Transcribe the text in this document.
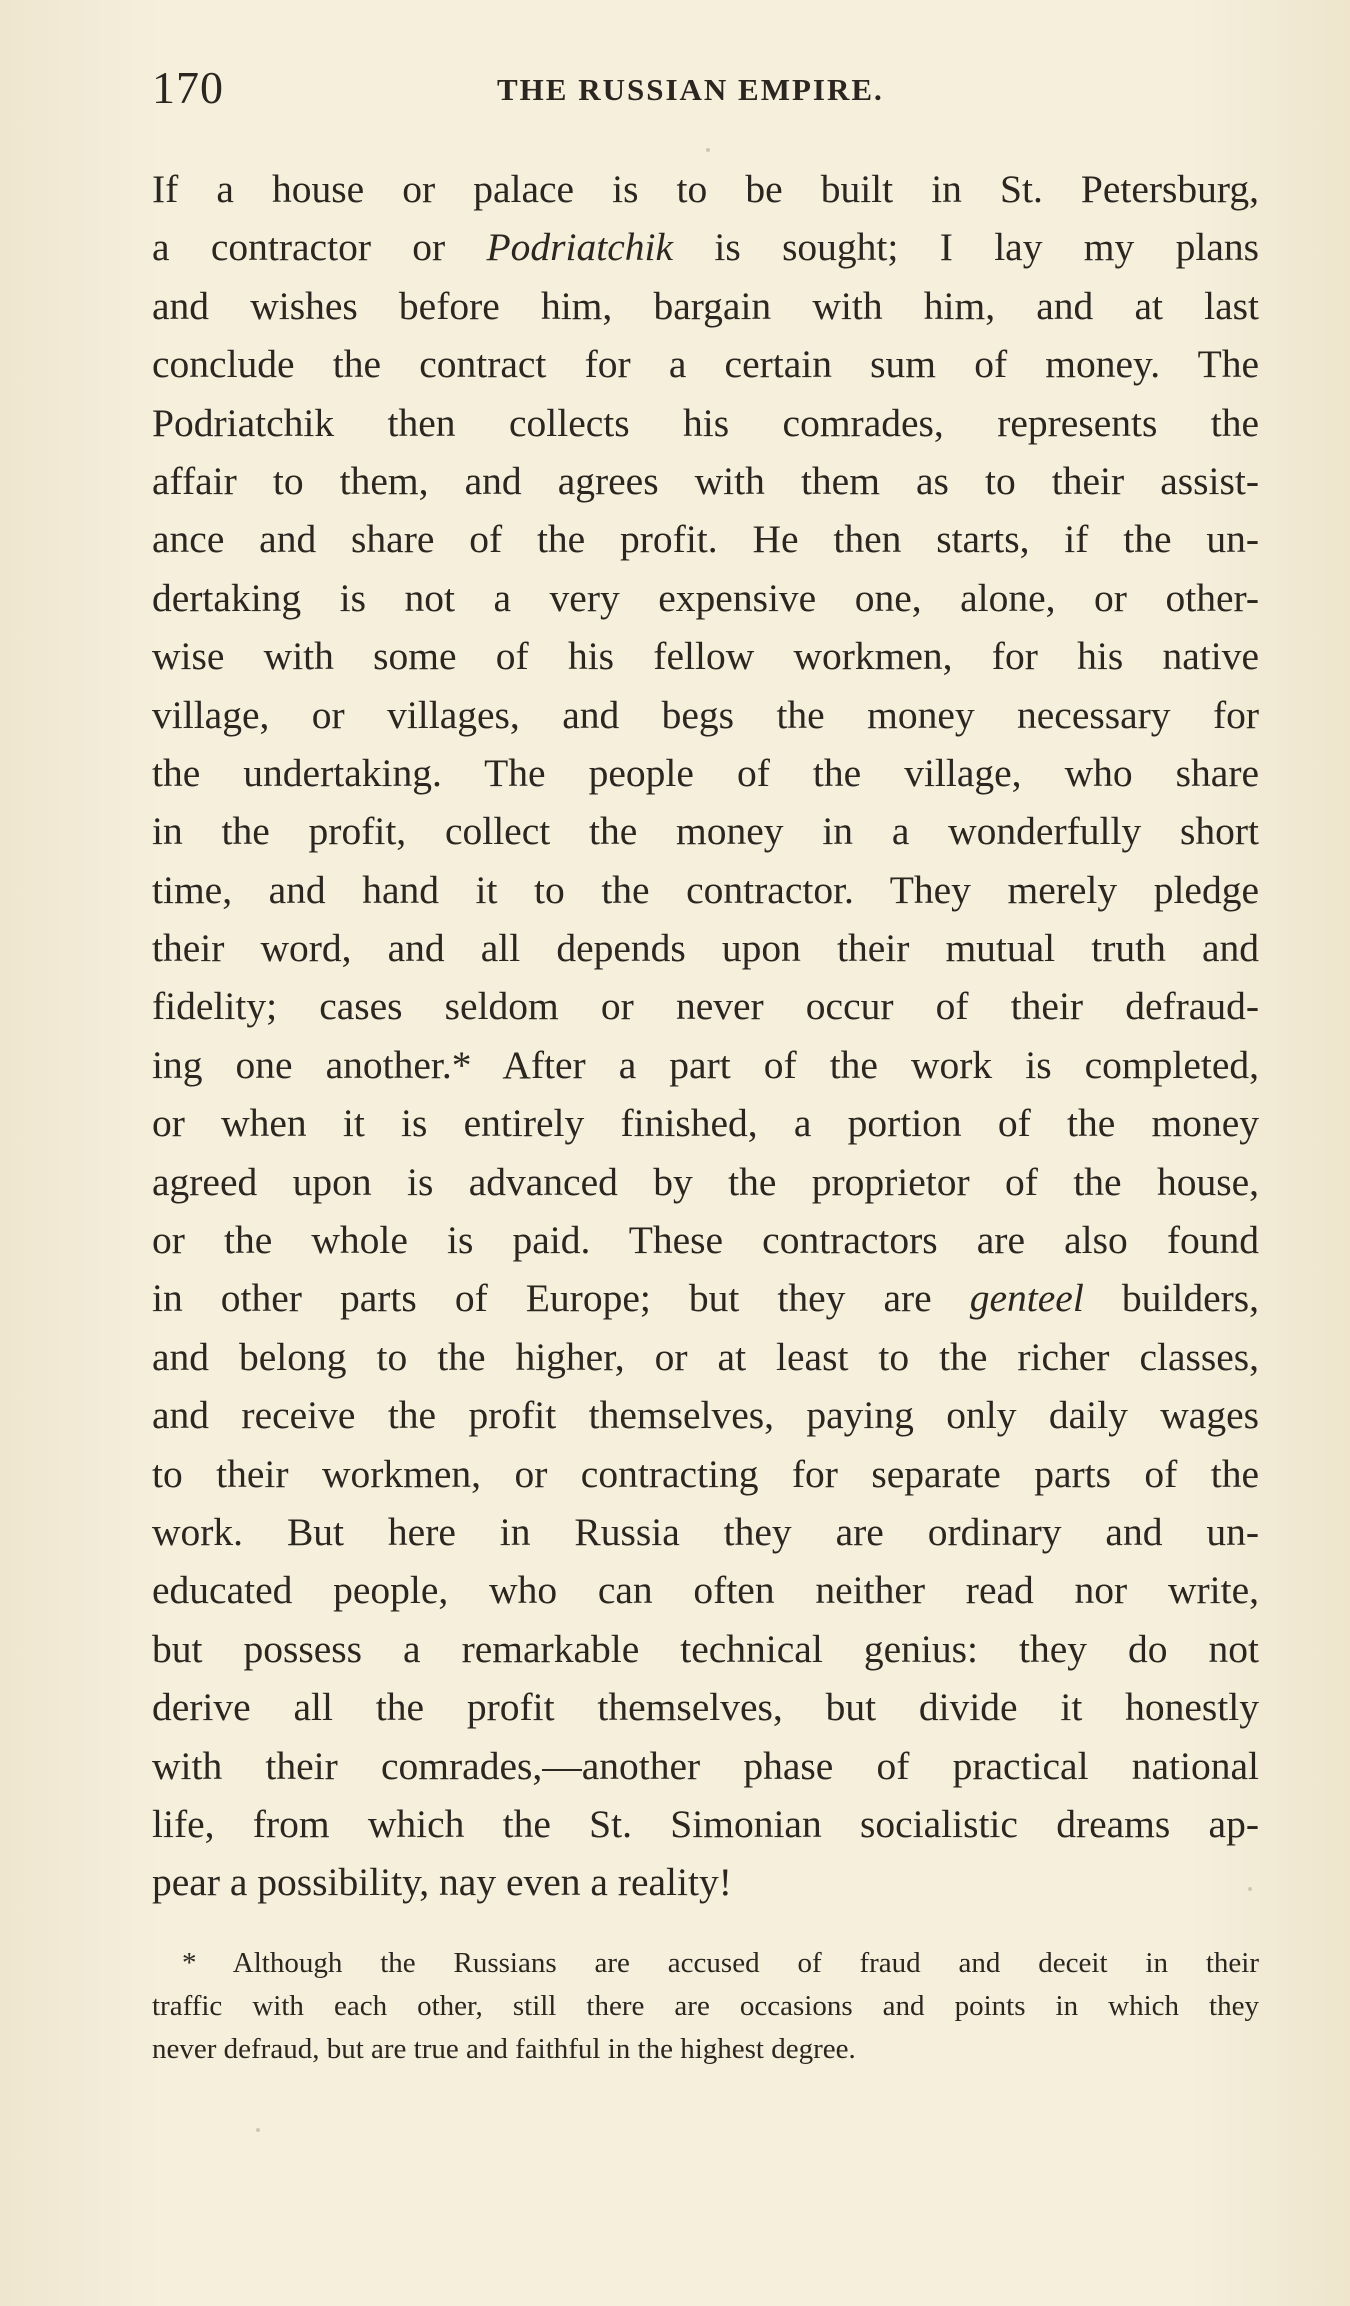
170	THE RUSSIAN EMPIRE.
If a house or palace is to be built in St. Petersburg,
a contractor or Podriatchik is sought; I lay my plans
and wishes before him, bargain with him, and at last
conclude the contract for a certain sum of money. The
Podriatchik then collects his comrades, represents the
affair to them, and agrees with them as to their assist-
ance and share of the profit. He then starts, if the un-
dertaking is not a very expensive one, alone, or other-
wise with some of his fellow workmen, for his native
village, or villages, and begs the money necessary for
the undertaking. The people of the village, who share
in the profit, collect the money in a wonderfully short
time, and hand it to the contractor. They merely pledge
their word, and all depends upon their mutual truth and
fidelity; cases seldom or never occur of their defraud-
ing one another.* After a part of the work is completed,
or when it is entirely finished, a portion of the money
agreed upon is advanced by the proprietor of the house,
or the whole is paid. These contractors are also found
in other parts of Europe; but they are genteel builders,
and belong to the higher, or at least to the richer classes,
and receive the profit themselves, paying only daily wages
to their workmen, or contracting for separate parts of the
work. But here in Russia they are ordinary and un-
educated people, who can often neither read nor write,
but possess a remarkable technical genius: they do not
derive all the profit themselves, but divide it honestly
with their comrades,—another phase of practical national
life, from which the St. Simonian socialistic dreams ap-
pear a possibility, nay even a reality!
* Although the Russians are accused of fraud and deceit in their
traffic with each other, still there are occasions and points in which they
never defraud, but are true and faithful in the highest degree.
